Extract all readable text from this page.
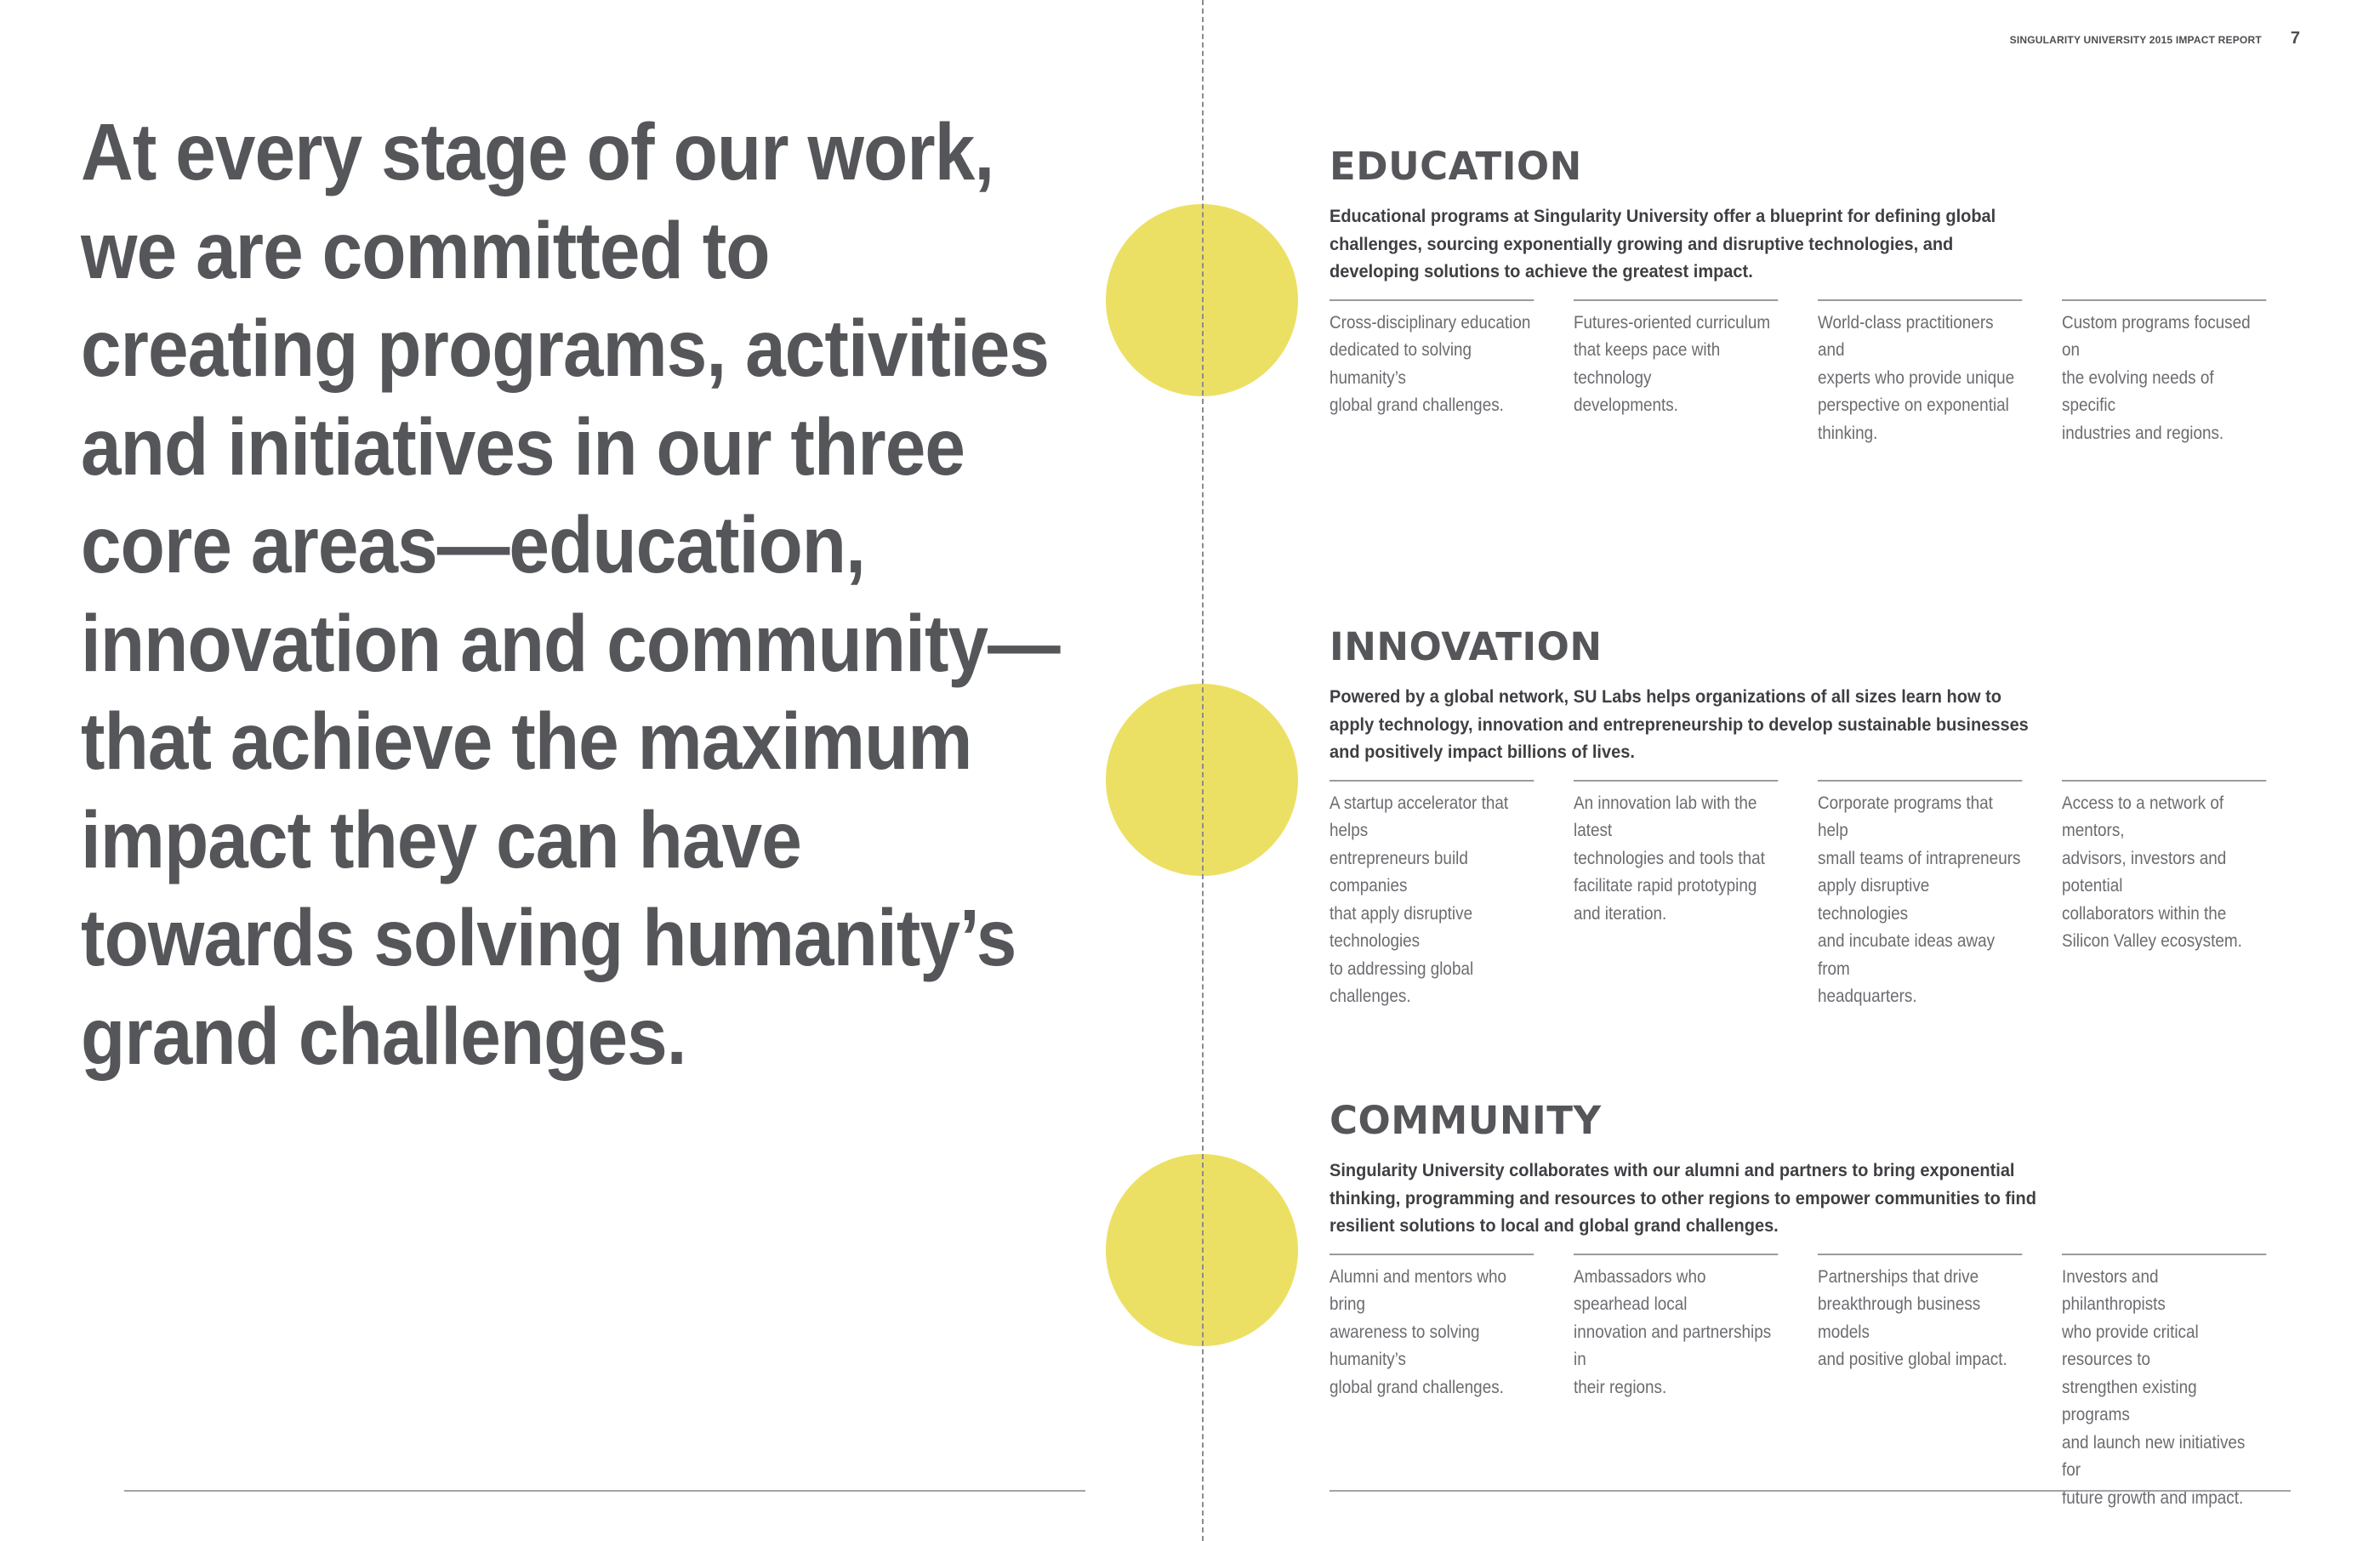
SINGULARITY UNIVERSITY 2015 IMPACT REPORT 7
At every stage of our work,
we are committed to
creating programs, activities
and initiatives in our three
core areas—education,
innovation and community—
that achieve the maximum
impact they can have
towards solving humanity’s
grand challenges.
EDUCATION

Educational programs at Singularity University offer a blueprint for defining global challenges, sourcing exponentially growing and disruptive technologies, and developing solutions to achieve the greatest impact.

Cross-disciplinary education
dedicated to solving humanity’s
global grand challenges.
Futures-oriented curriculum
that keeps pace with technology
developments.
World-class practitioners and
experts who provide unique
perspective on exponential
thinking.
Custom programs focused on
the evolving needs of specific
industries and regions.
INNOVATION

Powered by a global network, SU Labs helps organizations of all sizes learn how to apply technology, innovation and entrepreneurship to develop sustainable businesses and positively impact billions of lives.

A startup accelerator that helps
entrepreneurs build companies
that apply disruptive technologies
to addressing global challenges.
An innovation lab with the latest
technologies and tools that
facilitate rapid prototyping
and iteration.
Corporate programs that help
small teams of intrapreneurs
apply disruptive technologies
and incubate ideas away from
headquarters.
Access to a network of mentors,
advisors, investors and potential
collaborators within the
Silicon Valley ecosystem.
COMMUNITY

Singularity University collaborates with our alumni and partners to bring exponential thinking, programming and resources to other regions to empower communities to find resilient solutions to local and global grand challenges.

Alumni and mentors who bring
awareness to solving humanity’s
global grand challenges.
Ambassadors who spearhead local
innovation and partnerships in
their regions.
Partnerships that drive
breakthrough business models
and positive global impact.
Investors and philanthropists
who provide critical resources to
strengthen existing programs
and launch new initiatives for
future growth and impact.
